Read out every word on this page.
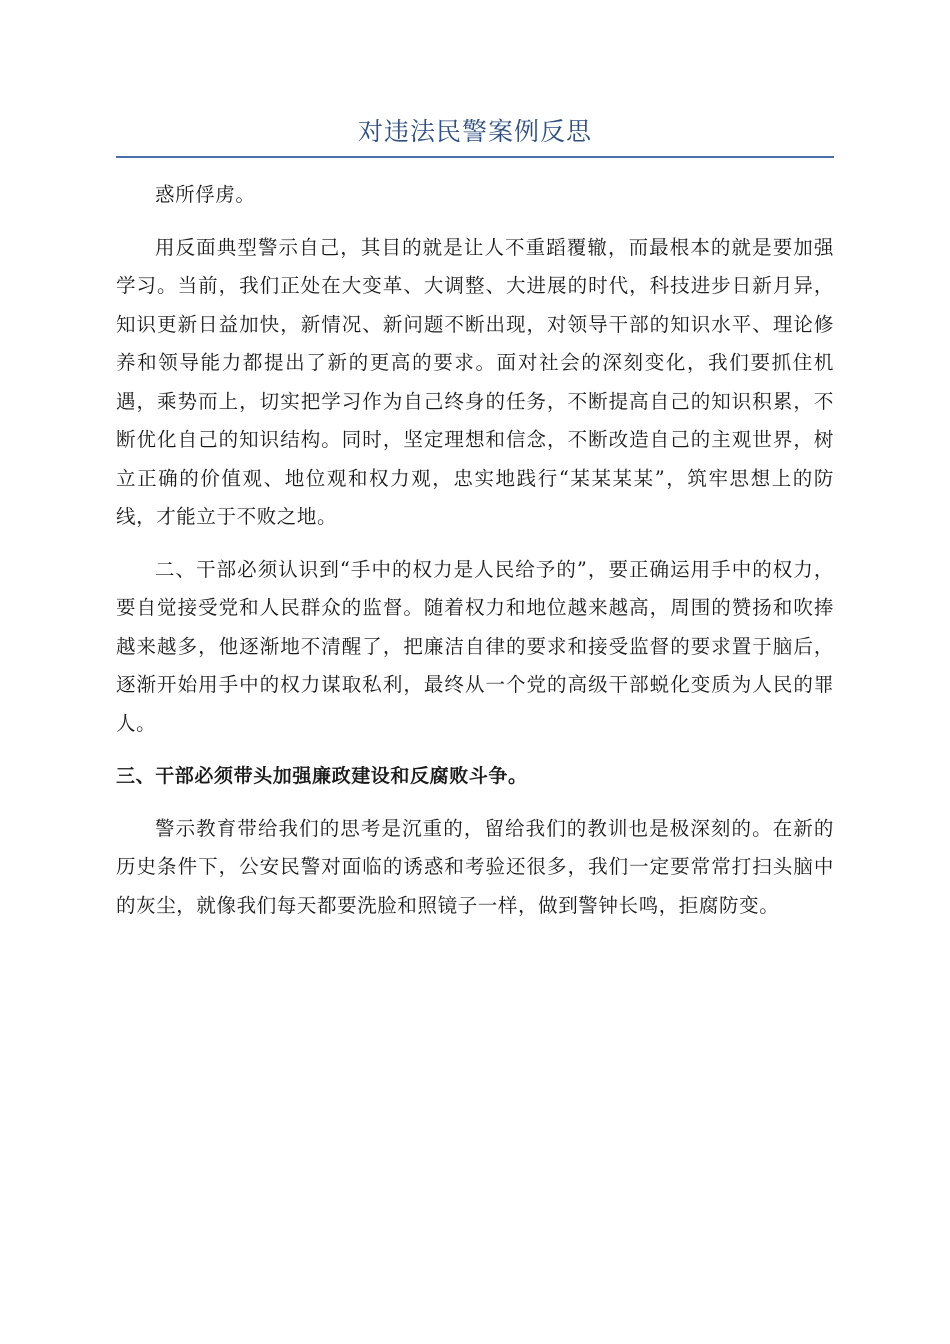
对违法民警案例反思

惑所俘虏。

用反面典型警示自己，其目的就是让人不重蹈覆辙，而最根本的就是要加强学习。当前，我们正处在大变革、大调整、大进展的时代，科技进步日新月异，知识更新日益加快，新情况、新问题不断出现，对领导干部的知识水平、理论修养和领导能力都提出了新的更高的要求。面对社会的深刻变化，我们要抓住机遇，乘势而上，切实把学习作为自己终身的任务，不断提高自己的知识积累，不断优化自己的知识结构。同时，坚定理想和信念，不断改造自己的主观世界，树立正确的价值观、地位观和权力观，忠实地践行“某某某某”，筑牢思想上的防线，才能立于不败之地。

二、干部必须认识到“手中的权力是人民给予的”，要正确运用手中的权力，要自觉接受党和人民群众的监督。随着权力和地位越来越高，周围的赞扬和吹捧越来越多，他逐渐地不清醒了，把廉洁自律的要求和接受监督的要求置于脑后，逐渐开始用手中的权力谋取私利，最终从一个党的高级干部蜕化变质为人民的罪人。

三、干部必须带头加强廉政建设和反腐败斗争。

警示教育带给我们的思考是沉重的，留给我们的教训也是极深刻的。在新的历史条件下，公安民警对面临的诱惑和考验还很多，我们一定要常常打扫头脑中的灰尘，就像我们每天都要洗脸和照镜子一样，做到警钟长鸣，拒腐防变。
